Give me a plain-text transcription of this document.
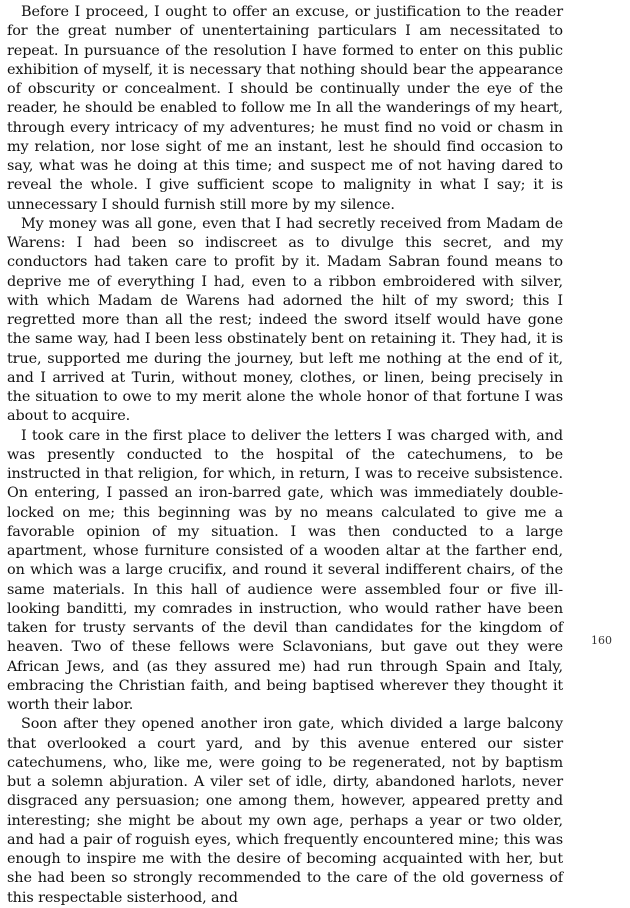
Before I proceed, I ought to offer an excuse, or justification to the reader for the great number of unentertaining particulars I am necessitated to repeat. In pursuance of the resolution I have formed to enter on this public exhibition of myself, it is necessary that nothing should bear the appearance of obscurity or concealment. I should be continually under the eye of the reader, he should be enabled to follow me In all the wanderings of my heart, through every intricacy of my adventures; he must find no void or chasm in my relation, nor lose sight of me an instant, lest he should find occasion to say, what was he doing at this time; and suspect me of not having dared to reveal the whole. I give sufficient scope to malignity in what I say; it is unnecessary I should furnish still more by my silence.

My money was all gone, even that I had secretly received from Madam de Warens: I had been so indiscreet as to divulge this secret, and my conductors had taken care to profit by it. Madam Sabran found means to deprive me of everything I had, even to a ribbon embroidered with silver, with which Madam de Warens had adorned the hilt of my sword; this I regretted more than all the rest; indeed the sword itself would have gone the same way, had I been less obstinately bent on retaining it. They had, it is true, supported me during the journey, but left me nothing at the end of it, and I arrived at Turin, without money, clothes, or linen, being precisely in the situation to owe to my merit alone the whole honor of that fortune I was about to acquire.

I took care in the first place to deliver the letters I was charged with, and was presently conducted to the hospital of the catechumens, to be instructed in that religion, for which, in return, I was to receive subsistence. On entering, I passed an iron-barred gate, which was immediately double-locked on me; this beginning was by no means calculated to give me a favorable opinion of my situation. I was then conducted to a large apartment, whose furniture consisted of a wooden altar at the farther end, on which was a large crucifix, and round it several indifferent chairs, of the same materials. In this hall of audience were assembled four or five ill-looking banditti, my comrades in instruction, who would rather have been taken for trusty servants of the devil than candidates for the kingdom of heaven. Two of these fellows were Sclavonians, but gave out they were African Jews, and (as they assured me) had run through Spain and Italy, embracing the Christian faith, and being baptised wherever they thought it worth their labor.

Soon after they opened another iron gate, which divided a large balcony that overlooked a court yard, and by this avenue entered our sister catechumens, who, like me, were going to be regenerated, not by baptism but a solemn abjuration. A viler set of idle, dirty, abandoned harlots, never disgraced any persuasion; one among them, however, appeared pretty and interesting; she might be about my own age, perhaps a year or two older, and had a pair of roguish eyes, which frequently encountered mine; this was enough to inspire me with the desire of becoming acquainted with her, but she had been so strongly recommended to the care of the old governess of this respectable sisterhood, and

160
